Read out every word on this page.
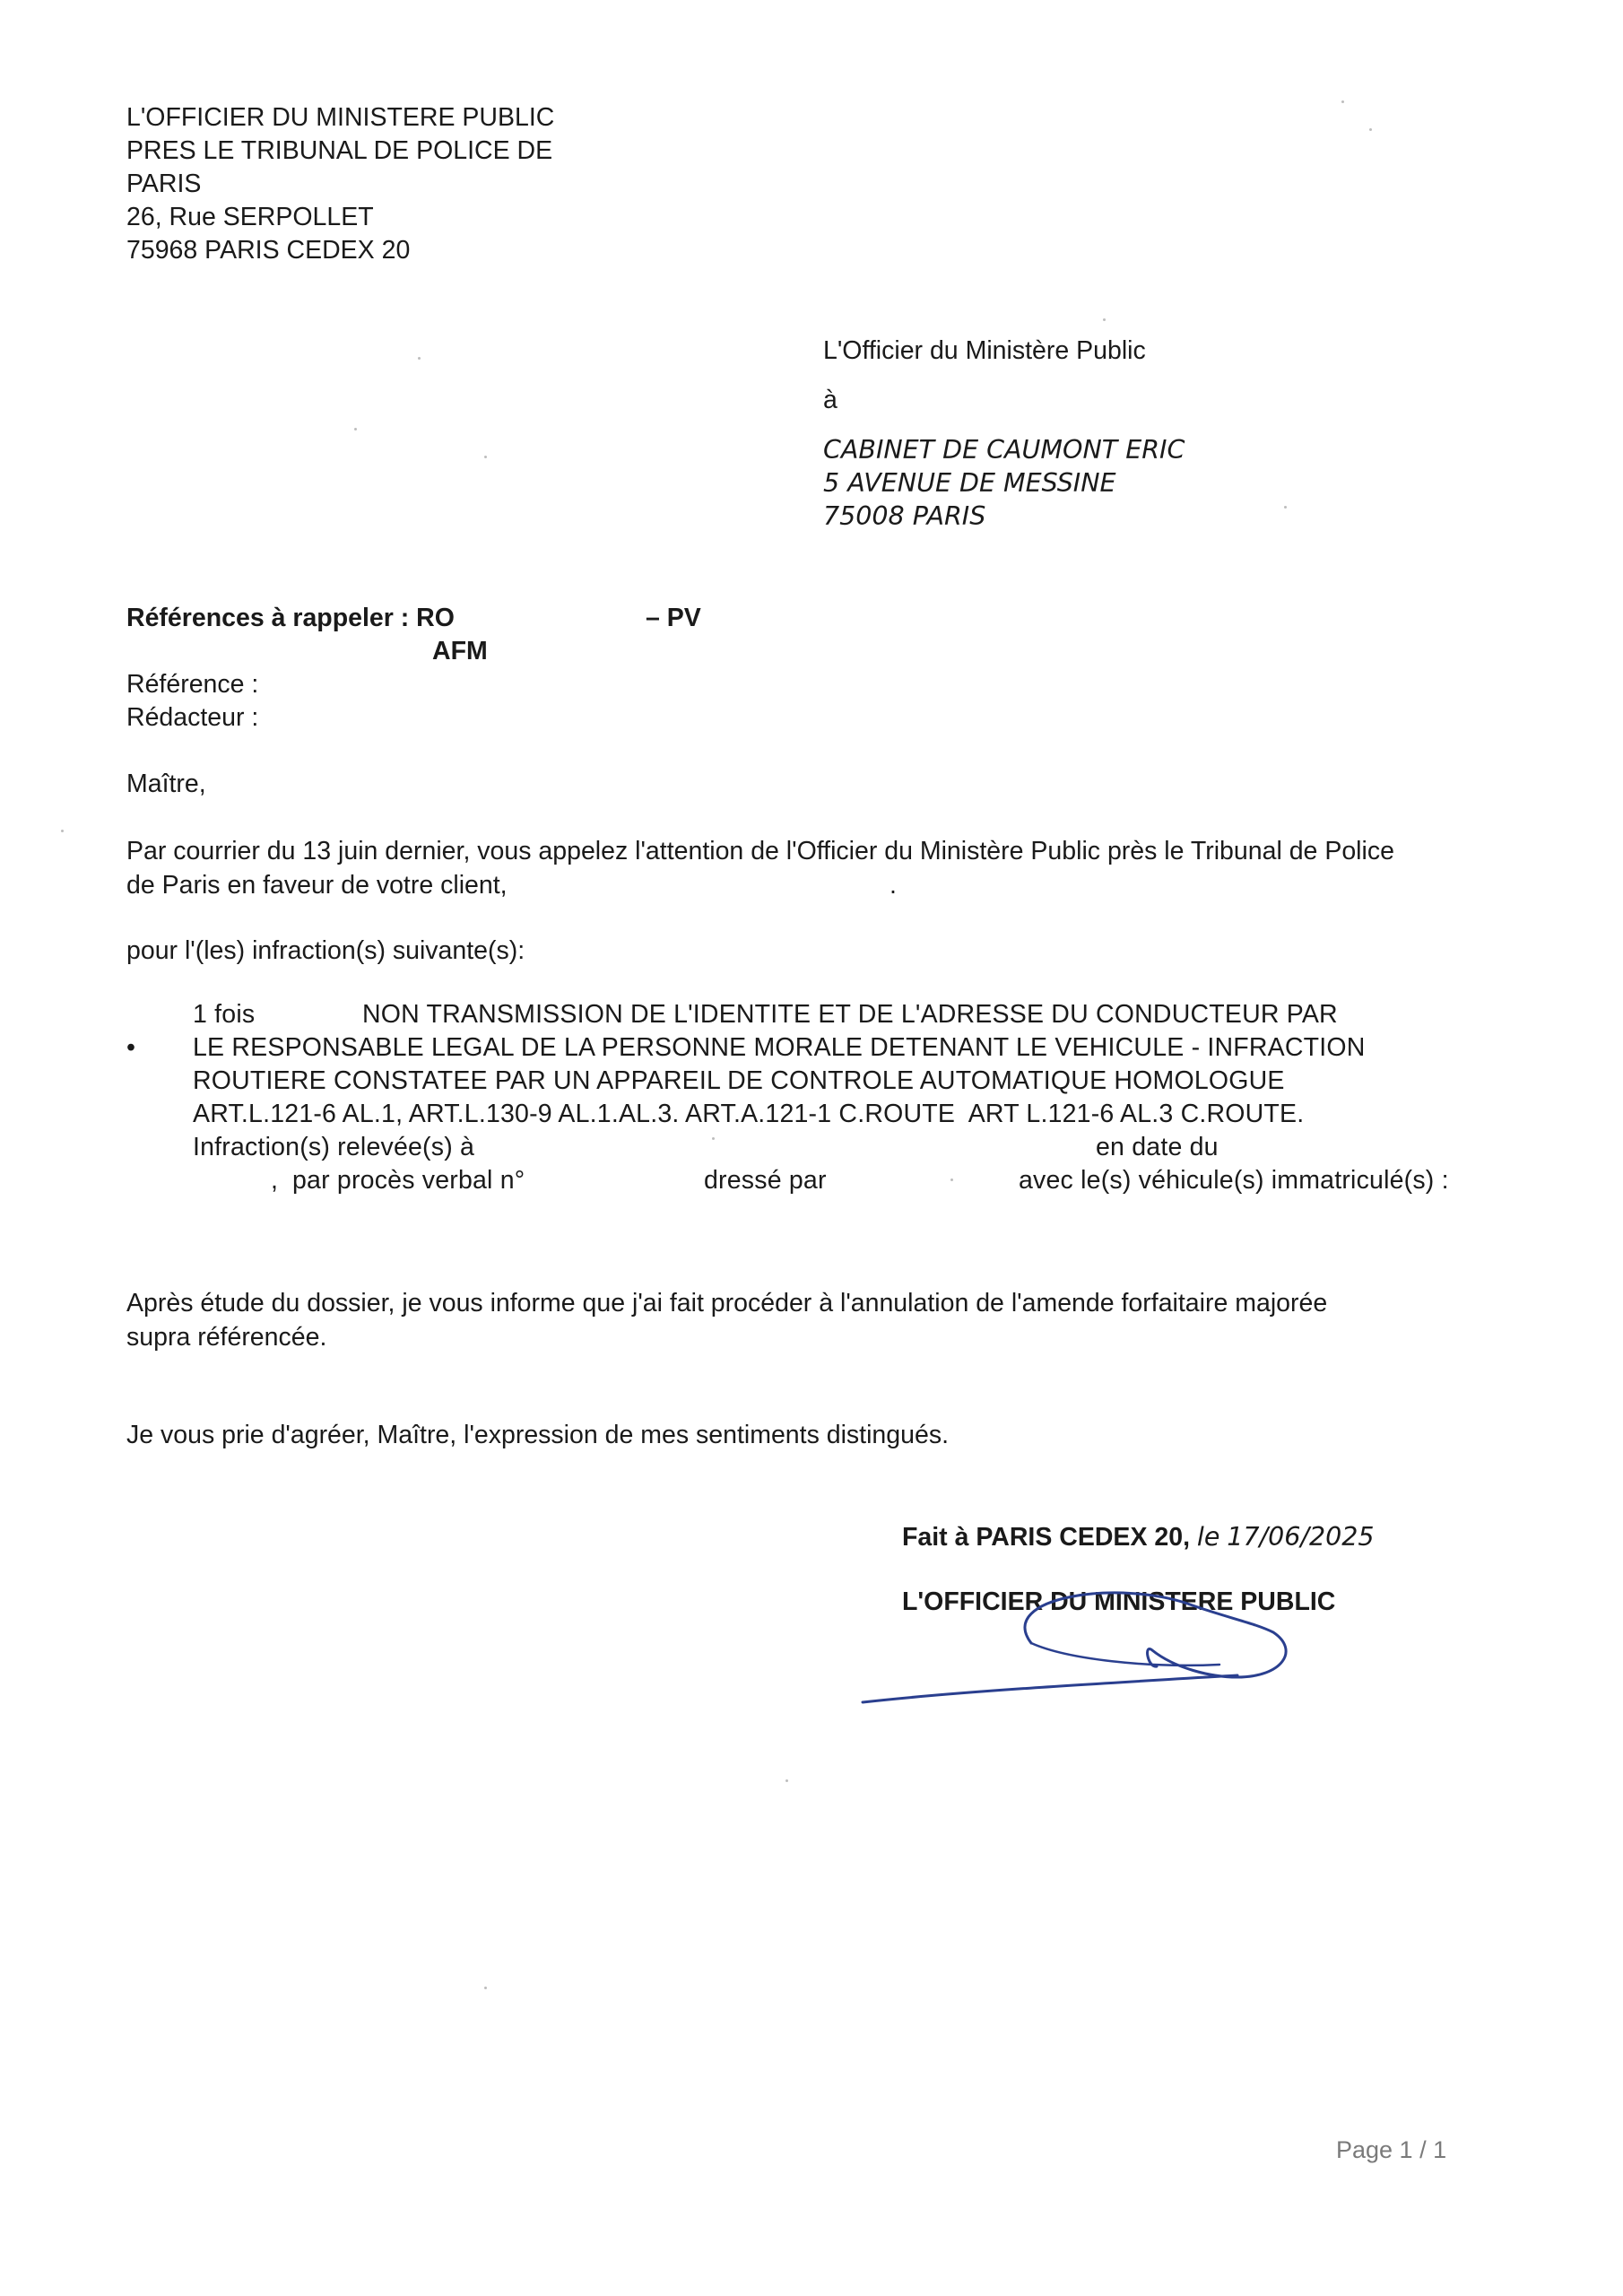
L'OFFICIER DU MINISTERE PUBLIC
PRES LE TRIBUNAL DE POLICE DE
PARIS
26, Rue SERPOLLET
75968 PARIS CEDEX 20
L'Officier du Ministère Public
à
CABINET DE CAUMONT ERIC
5 AVENUE DE MESSINE
75008 PARIS
Références à rappeler : RO	– PV
AFM
Référence :
Rédacteur :
Maître,
Par courrier du 13 juin dernier, vous appelez l'attention de l'Officier du Ministère Public près le Tribunal de Police
de Paris en faveur de votre client,	.
pour l'(les) infraction(s) suivante(s):
1 fois
•
NON TRANSMISSION DE L'IDENTITE ET DE L'ADRESSE DU CONDUCTEUR PAR
LE RESPONSABLE LEGAL DE LA PERSONNE MORALE DETENANT LE VEHICULE - INFRACTION
ROUTIERE CONSTATEE PAR UN APPAREIL DE CONTROLE AUTOMATIQUE HOMOLOGUE
ART.L.121-6 AL.1, ART.L.130-9 AL.1.AL.3. ART.A.121-1 C.ROUTE  ART L.121-6 AL.3 C.ROUTE.
Infraction(s) relevée(s) à	en date du
, par procès verbal n°	dressé par	avec le(s) véhicule(s) immatriculé(s) :
Après étude du dossier, je vous informe que j'ai fait procéder à l'annulation de l'amende forfaitaire majorée
supra référencée.
Je vous prie d'agréer, Maître, l'expression de mes sentiments distingués.
Fait à PARIS CEDEX 20, le 17/06/2025
L'OFFICIER DU MINISTERE PUBLIC
Page 1 / 1
